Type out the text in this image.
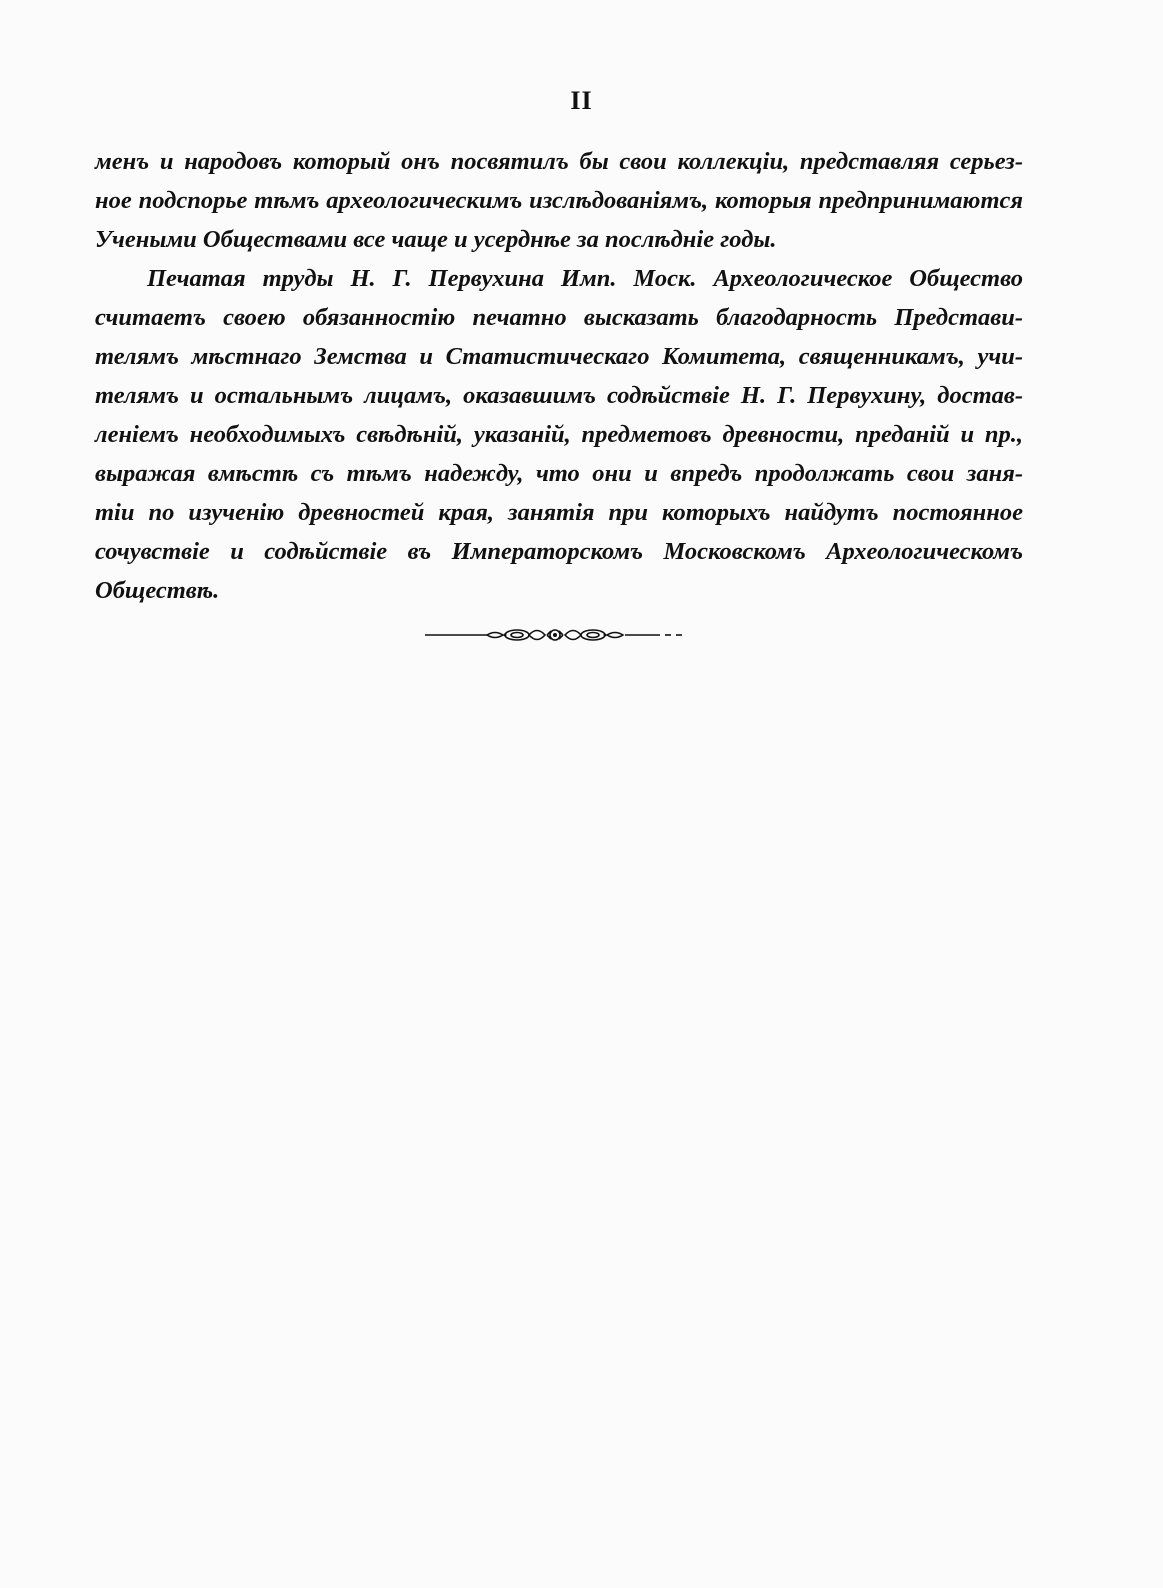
II
менъ и народовъ который онъ посвятилъ бы свои коллекціи, представляя серьез-
ное подспорье тѣмъ археологическимъ изслѣдованіямъ, которыя предпринимаются
Учеными Обществами все чаще и усерднѣе за послѣдніе годы.
Печатая труды Н. Г. Первухина Имп. Моск. Археологическое Общество
считаетъ своею обязанностію печатно высказать благодарность Представи-
телямъ мѣстнаго Земства и Статистическаго Комитета, священникамъ, учи-
телямъ и остальнымъ лицамъ, оказавшимъ содѣйствіе Н. Г. Первухину, достав-
леніемъ необходимыхъ свѣдѣній, указаній, предметовъ древности, преданій и пр.,
выражая вмѣстѣ съ тѣмъ надежду, что они и впредъ продолжать свои заня-
тіи по изученію древностей края, занятія при которыхъ найдутъ постоянное
сочувствіе и содѣйствіе въ Императорскомъ Московскомъ Археологическомъ
Обществѣ.
